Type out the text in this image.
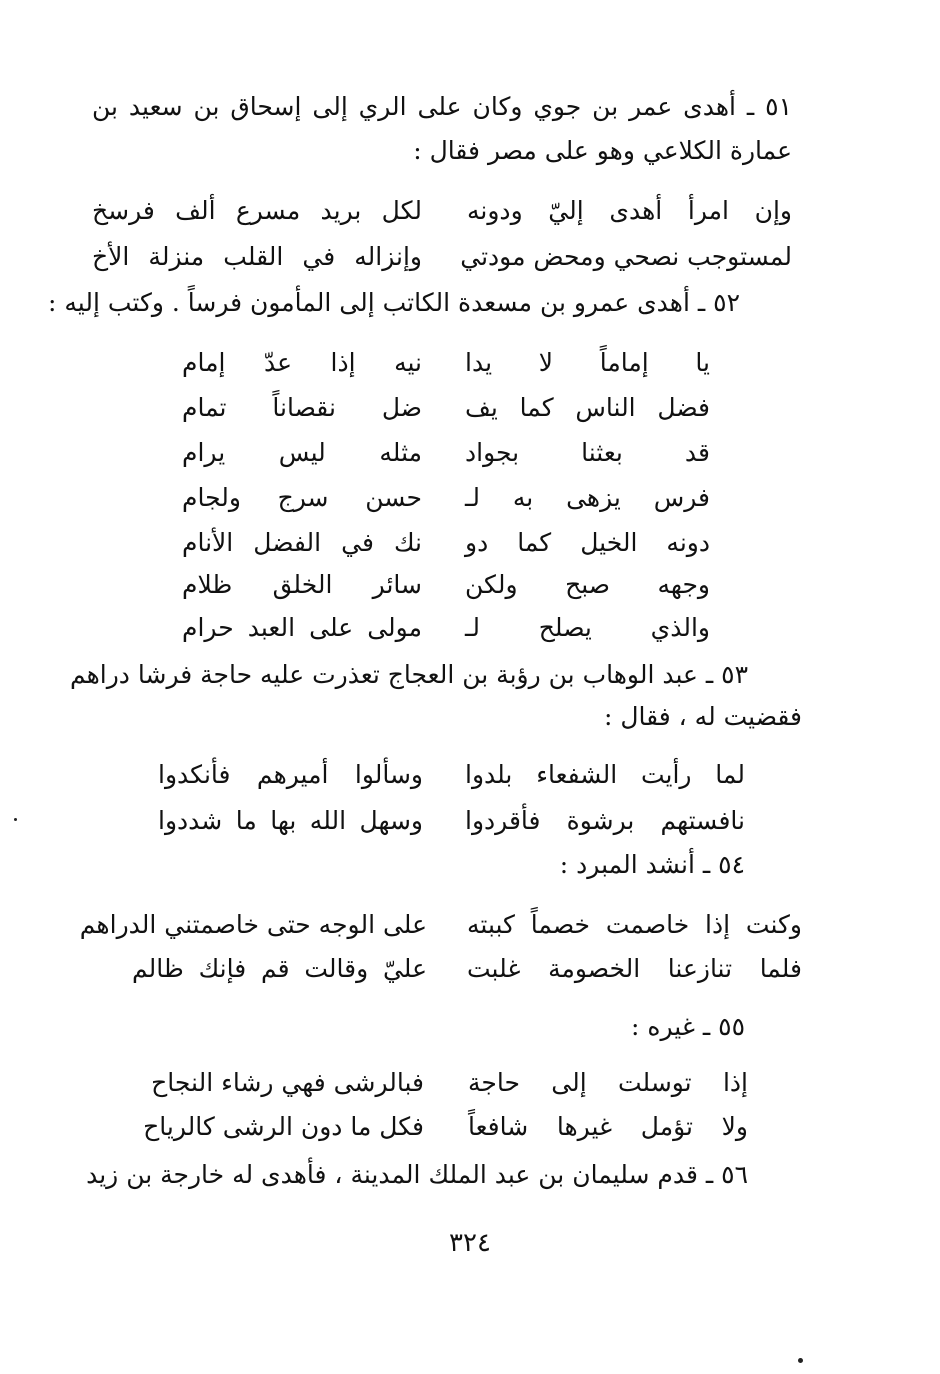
٥١ ـ أهدى عمر بن جوي وكان على الري إلى إسحاق بن سعيد بن
عمارة الكلاعي وهو على مصر فقال :
وإن امرأ أهدى إليّ ودونه
لكل بريد مسرع ألف فرسخ
لمستوجب نصحي ومحض مودتي
وإنزاله في القلب منزلة الأخ
٥٢ ـ أهدى عمرو بن مسعدة الكاتب إلى المأمون فرساً . وكتب إليه :
يا إماماً لا يدا
نيه إذا عدّ إمام
فضل الناس كما يف
ضل نقصاناً تمام
قد بعثنا بجواد
مثله ليس يرام
فرس يزهى به لـ
حسن سرج ولجام
دونه الخيل كما دو
نك في الفضل الأنام
وجهه صبح ولكن
سائر الخلق ظلام
والذي يصلح لـ
مولى على العبد حرام
٥٣ ـ عبد الوهاب بن رؤبة بن العجاج تعذرت عليه حاجة فرشا دراهم
فقضيت له ، فقال :
لما رأيت الشفعاء بلدوا
وسألوا أميرهم فأنكدوا
نافستهم برشوة فأقردوا
وسهل الله بها ما شددوا
٥٤ ـ أنشد المبرد :
وكنت إذا خاصمت خصماً كببته
على الوجه حتى خاصمتني الدراهم
فلما تنازعنا الخصومة غلبت
عليّ وقالت قم فإنك ظالم
٥٥ ـ غيره :
إذا توسلت إلى حاجة
فبالرشى فهي رشاء النجاح
ولا تؤمل غيرها شافعاً
فكل ما دون الرشى كالرياح
٥٦ ـ قدم سليمان بن عبد الملك المدينة ، فأهدى له خارجة بن زيد
٣٢٤
